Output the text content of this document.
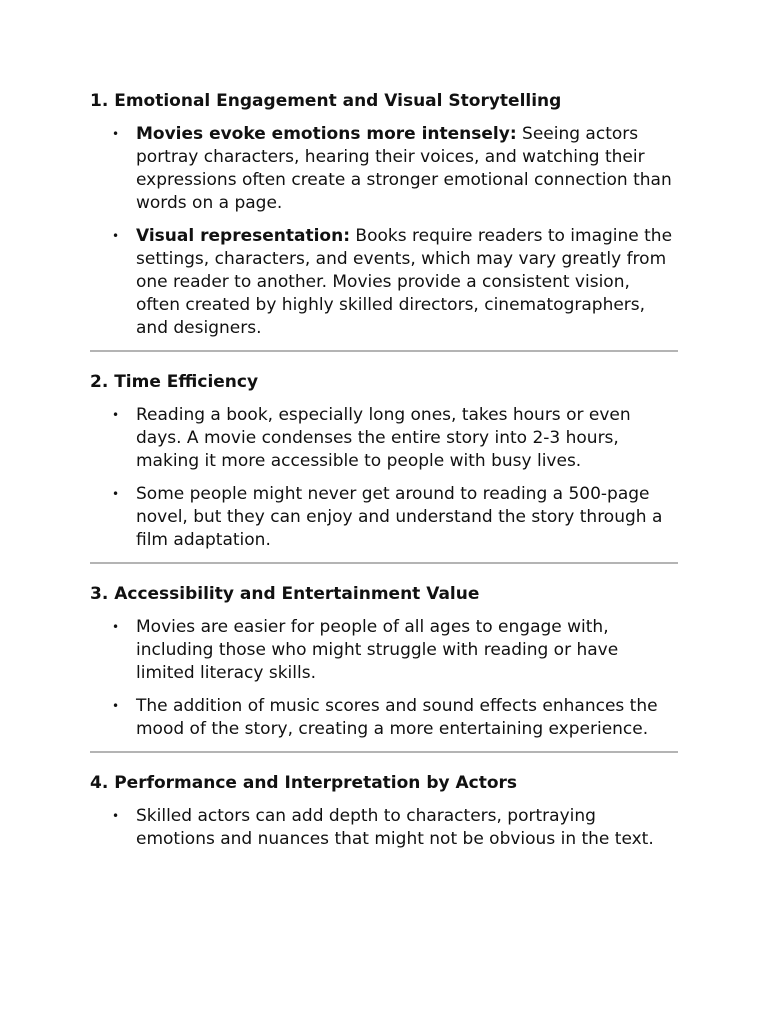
1. Emotional Engagement and Visual Storytelling
• Movies evoke emotions more intensely: Seeing actors portray characters, hearing their voices, and watching their expressions often create a stronger emotional connection than words on a page.
• Visual representation: Books require readers to imagine the settings, characters, and events, which may vary greatly from one reader to another. Movies provide a consistent vision, often created by highly skilled directors, cinematographers, and designers.
2. Time Efficiency
• Reading a book, especially long ones, takes hours or even days. A movie condenses the entire story into 2-3 hours, making it more accessible to people with busy lives.
• Some people might never get around to reading a 500-page novel, but they can enjoy and understand the story through a film adaptation.
3. Accessibility and Entertainment Value
• Movies are easier for people of all ages to engage with, including those who might struggle with reading or have limited literacy skills.
• The addition of music scores and sound effects enhances the mood of the story, creating a more entertaining experience.
4. Performance and Interpretation by Actors
• Skilled actors can add depth to characters, portraying emotions and nuances that might not be obvious in the text.
